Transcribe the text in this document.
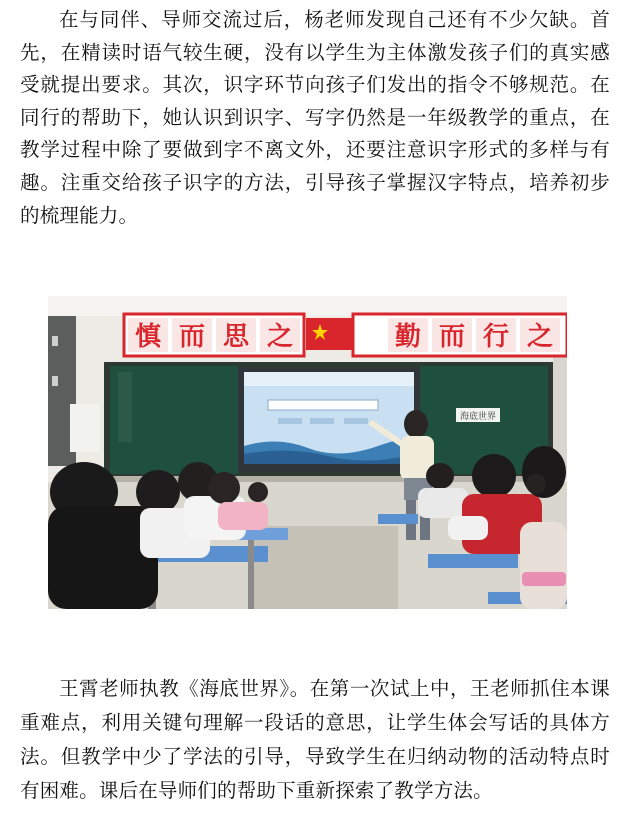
在与同伴、导师交流过后，杨老师发现自己还有不少欠缺。首先，在精读时语气较生硬，没有以学生为主体激发孩子们的真实感受就提出要求。其次，识字环节向孩子们发出的指令不够规范。在同行的帮助下，她认识到识字、写字仍然是一年级教学的重点，在教学过程中除了要做到字不离文外，还要注意识字形式的多样与有趣。注重交给孩子识字的方法，引导孩子掌握汉字特点，培养初步的梳理能力。

慎 而 思 之	勤 而 行 之
海底世界

王霄老师执教《海底世界》。在第一次试上中，王老师抓住本课重难点，利用关键句理解一段话的意思，让学生体会写话的具体方法。但教学中少了学法的引导，导致学生在归纳动物的活动特点时有困难。课后在导师们的帮助下重新探索了教学方法。
